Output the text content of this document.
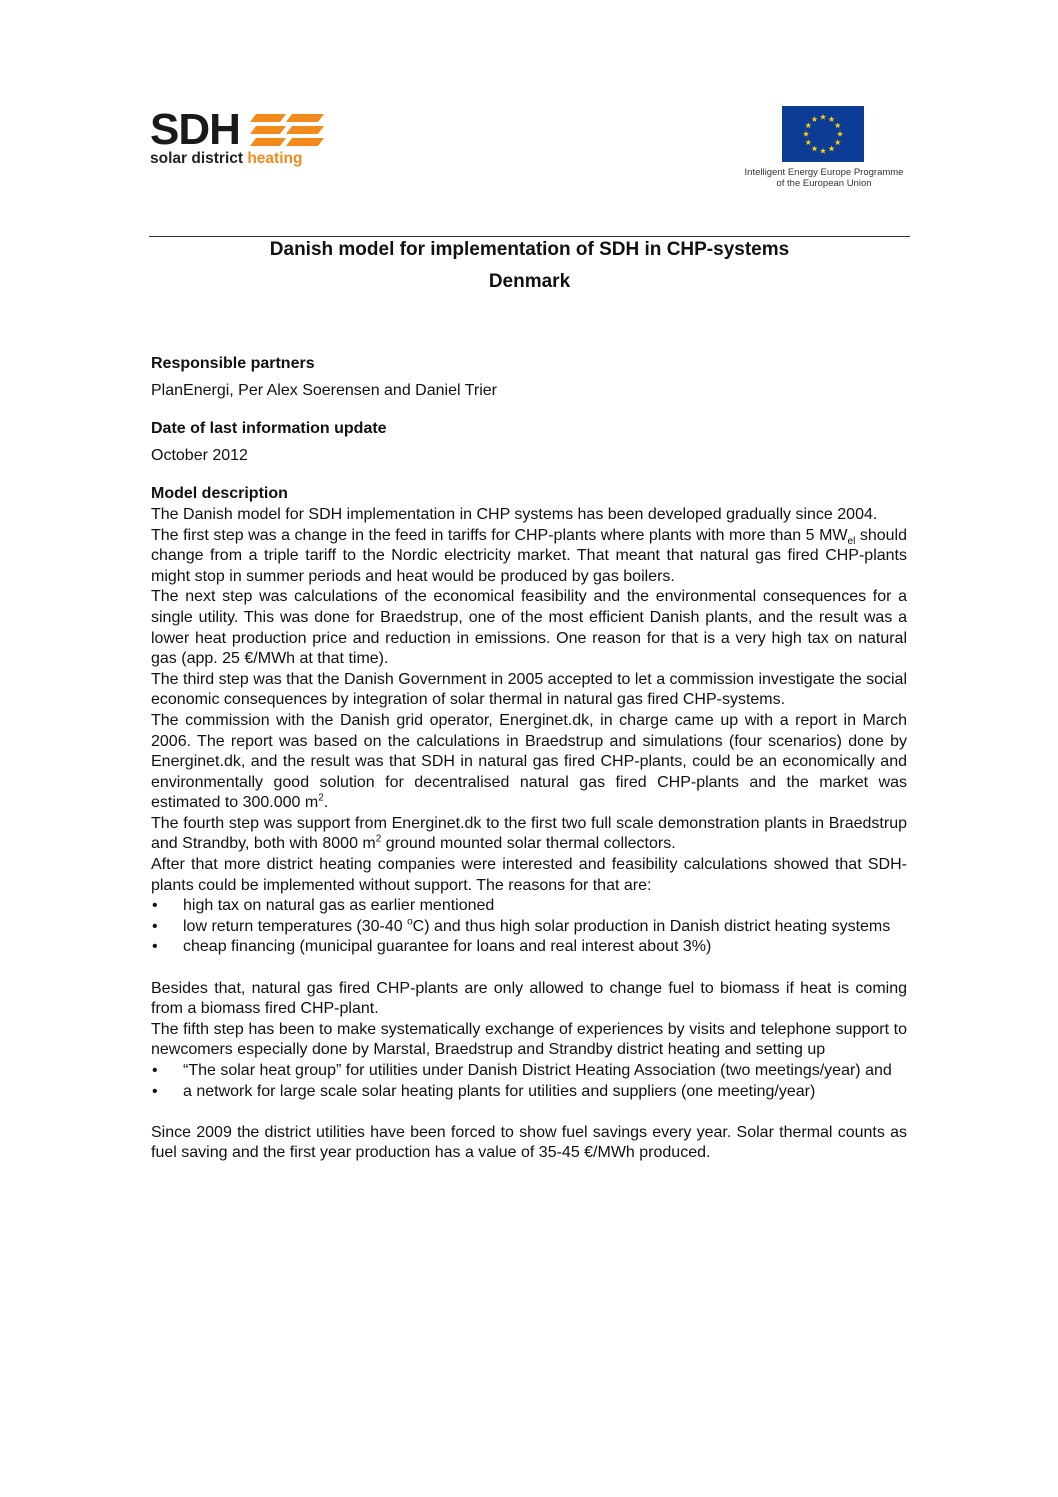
SDH
solar district heating
Intelligent Energy Europe Programme
of the European Union
Danish model for implementation of SDH in CHP-systems
Denmark
Responsible partners

PlanEnergi, Per Alex Soerensen and Daniel Trier

Date of last information update

October 2012

Model description

The Danish model for SDH implementation in CHP systems has been developed gradually since 2004.

The first step was a change in the feed in tariffs for CHP-plants where plants with more than 5 $MW_{el}$ should change from a triple tariff to the Nordic electricity market. That meant that natural gas fired CHP-plants might stop in summer periods and heat would be produced by gas boilers.

The next step was calculations of the economical feasibility and the environmental consequences for a single utility. This was done for Braedstrup, one of the most efficient Danish plants, and the result was a lower heat production price and reduction in emissions. One reason for that is a very high tax on natural gas (app. 25 €/MWh at that time).

The third step was that the Danish Government in 2005 accepted to let a commission investigate the social economic consequences by integration of solar thermal in natural gas fired CHP-systems.

The commission with the Danish grid operator, Energinet.dk, in charge came up with a report in March 2006. The report was based on the calculations in Braedstrup and simulations (four scenarios) done by Energinet.dk, and the result was that SDH in natural gas fired CHP-plants, could be an economically and environmentally good solution for decentralised natural gas fired CHP-plants and the market was estimated to 300.000 $m^2$.

The fourth step was support from Energinet.dk to the first two full scale demonstration plants in Braedstrup and Strandby, both with 8000 $m^2$ ground mounted solar thermal collectors.

After that more district heating companies were interested and feasibility calculations showed that SDH-plants could be implemented without support. The reasons for that are:

• high tax on natural gas as earlier mentioned
• low return temperatures (30-40 $^o$C) and thus high solar production in Danish district heating systems
• cheap financing (municipal guarantee for loans and real interest about 3%)

Besides that, natural gas fired CHP-plants are only allowed to change fuel to biomass if heat is coming from a biomass fired CHP-plant.

The fifth step has been to make systematically exchange of experiences by visits and telephone support to newcomers especially done by Marstal, Braedstrup and Strandby district heating and setting up

• “The solar heat group” for utilities under Danish District Heating Association (two meetings/year) and
• a network for large scale solar heating plants for utilities and suppliers (one meeting/year)

Since 2009 the district utilities have been forced to show fuel savings every year. Solar thermal counts as fuel saving and the first year production has a value of 35-45 €/MWh produced.
